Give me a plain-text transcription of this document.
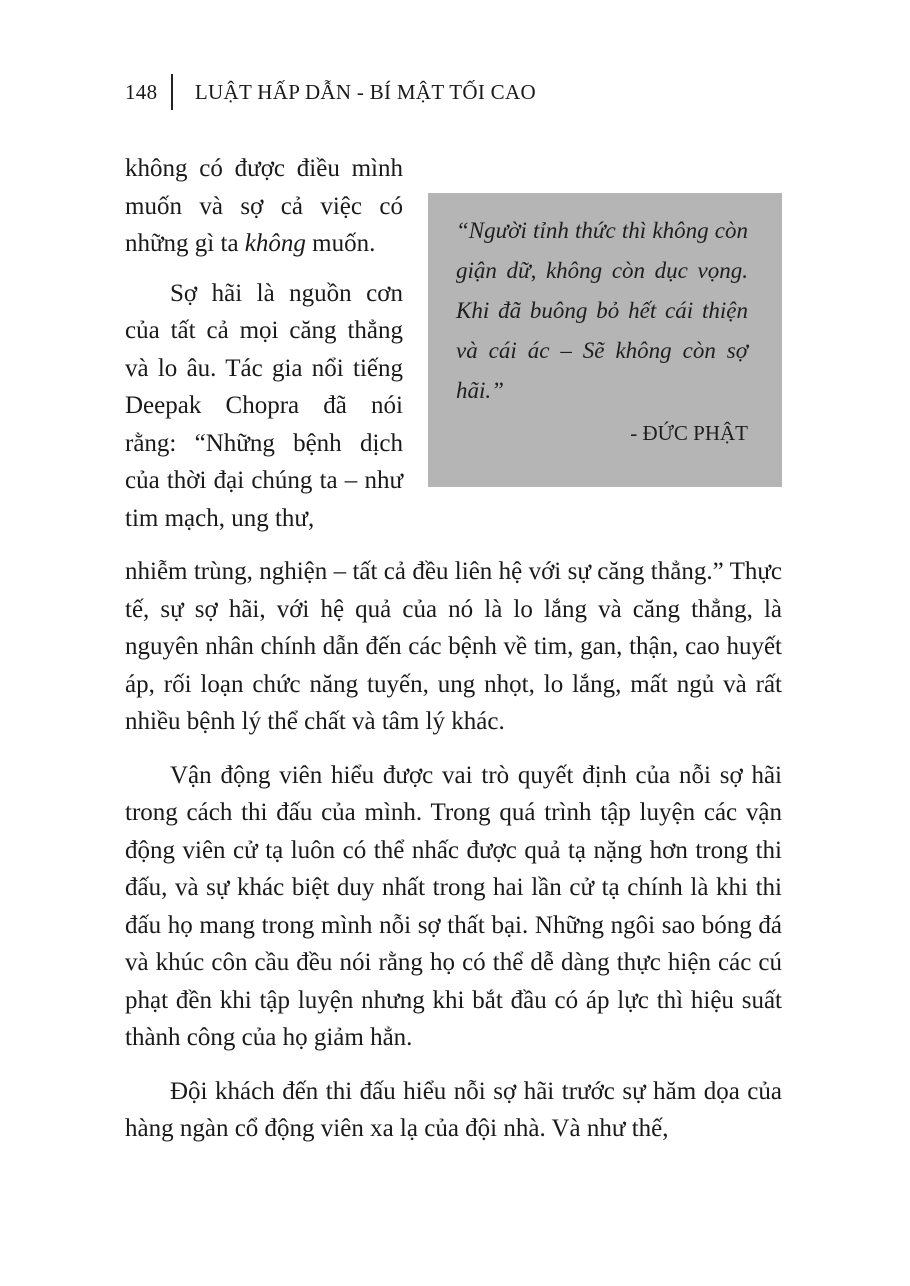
148 LUẬT HẤP DẪN - BÍ MẬT TỐI CAO

không có được điều mình muốn và sợ cả việc có những gì ta không muốn.

Sợ hãi là nguồn cơn của tất cả mọi căng thẳng và lo âu. Tác gia nổi tiếng Deepak Chopra đã nói rằng: “Những bệnh dịch của thời đại chúng ta – như tim mạch, ung thư,

“Người tỉnh thức thì không còn giận dữ, không còn dục vọng. Khi đã buông bỏ hết cái thiện và cái ác – Sẽ không còn sợ hãi.”
- ĐỨC PHẬT

nhiễm trùng, nghiện – tất cả đều liên hệ với sự căng thẳng.” Thực tế, sự sợ hãi, với hệ quả của nó là lo lắng và căng thẳng, là nguyên nhân chính dẫn đến các bệnh về tim, gan, thận, cao huyết áp, rối loạn chức năng tuyến, ung nhọt, lo lắng, mất ngủ và rất nhiều bệnh lý thể chất và tâm lý khác.

Vận động viên hiểu được vai trò quyết định của nỗi sợ hãi trong cách thi đấu của mình. Trong quá trình tập luyện các vận động viên cử tạ luôn có thể nhấc được quả tạ nặng hơn trong thi đấu, và sự khác biệt duy nhất trong hai lần cử tạ chính là khi thi đấu họ mang trong mình nỗi sợ thất bại. Những ngôi sao bóng đá và khúc côn cầu đều nói rằng họ có thể dễ dàng thực hiện các cú phạt đền khi tập luyện nhưng khi bắt đầu có áp lực thì hiệu suất thành công của họ giảm hẳn.

Đội khách đến thi đấu hiểu nỗi sợ hãi trước sự hăm dọa của hàng ngàn cổ động viên xa lạ của đội nhà. Và như thế,
